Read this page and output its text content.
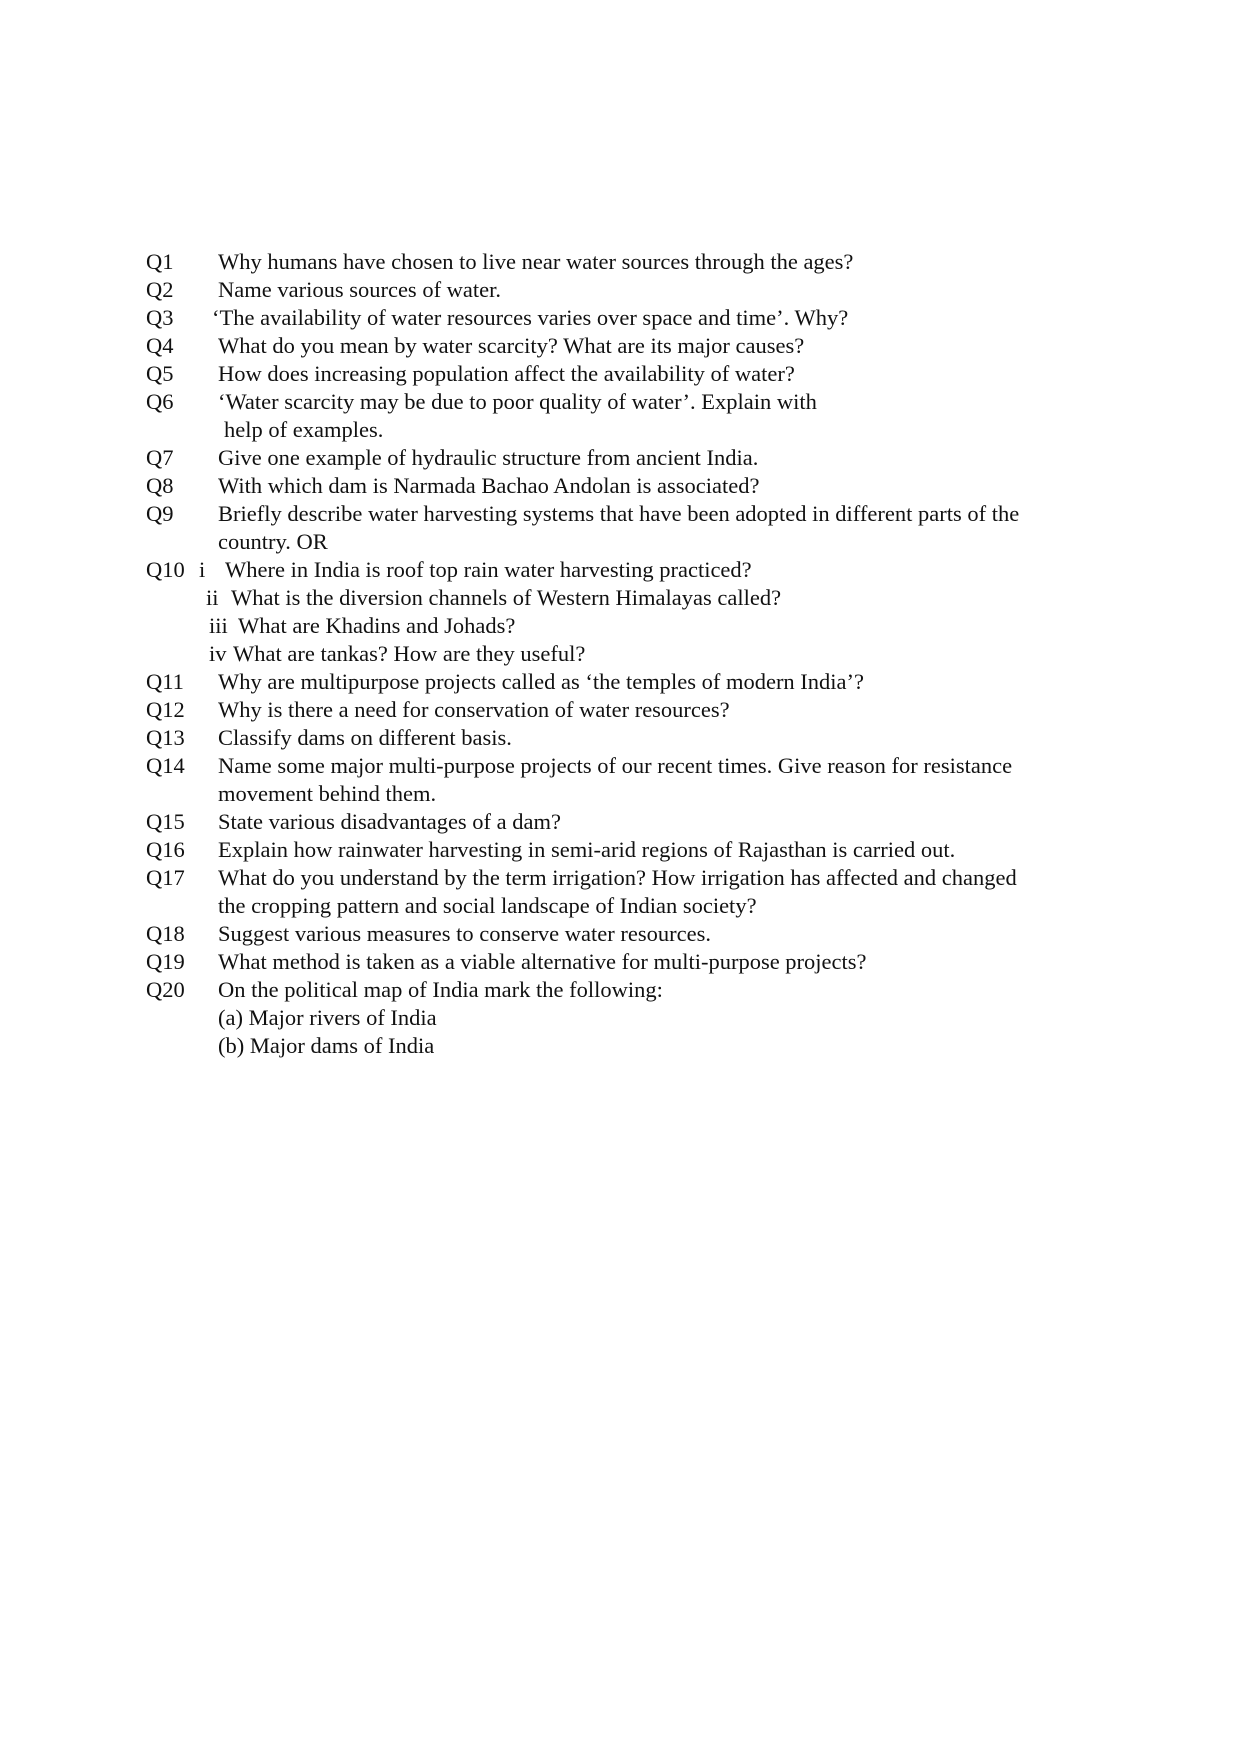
Q1 Why humans have chosen to live near water sources through the ages?
Q2 Name various sources of water.
Q3 ‘The availability of water resources varies over space and time’. Why?
Q4 What do you mean by water scarcity? What are its major causes?
Q5 How does increasing population affect the availability of water?
Q6 ‘Water scarcity may be due to poor quality of water’. Explain with
help of examples.
Q7 Give one example of hydraulic structure from ancient India.
Q8 With which dam is Narmada Bachao Andolan is associated?
Q9 Briefly describe water harvesting systems that have been adopted in different parts of the
country. OR
Q10 i Where in India is roof top rain water harvesting practiced?
ii What is the diversion channels of Western Himalayas called?
iii What are Khadins and Johads?
iv What are tankas? How are they useful?
Q11 Why are multipurpose projects called as ‘the temples of modern India’?
Q12 Why is there a need for conservation of water resources?
Q13 Classify dams on different basis.
Q14 Name some major multi-purpose projects of our recent times. Give reason for resistance
movement behind them.
Q15 State various disadvantages of a dam?
Q16 Explain how rainwater harvesting in semi-arid regions of Rajasthan is carried out.
Q17 What do you understand by the term irrigation? How irrigation has affected and changed
the cropping pattern and social landscape of Indian society?
Q18 Suggest various measures to conserve water resources.
Q19 What method is taken as a viable alternative for multi-purpose projects?
Q20 On the political map of India mark the following:
(a) Major rivers of India
(b) Major dams of India
